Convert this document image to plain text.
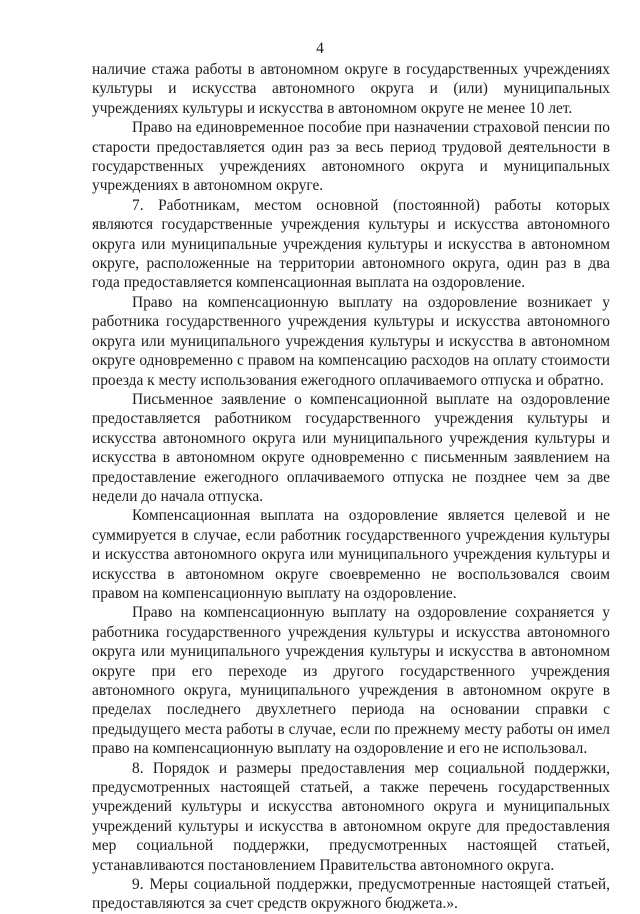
4

наличие стажа работы в автономном округе в государственных учреждениях культуры и искусства автономного округа и (или) муниципальных учреждениях культуры и искусства в автономном округе не менее 10 лет.

Право на единовременное пособие при назначении страховой пенсии по старости предоставляется один раз за весь период трудовой деятельности в государственных учреждениях автономного округа и муниципальных учреждениях в автономном округе.

7. Работникам, местом основной (постоянной) работы которых являются государственные учреждения культуры и искусства автономного округа или муниципальные учреждения культуры и искусства в автономном округе, расположенные на территории автономного округа, один раз в два года предоставляется компенсационная выплата на оздоровление.

Право на компенсационную выплату на оздоровление возникает у работника государственного учреждения культуры и искусства автономного округа или муниципального учреждения культуры и искусства в автономном округе одновременно с правом на компенсацию расходов на оплату стоимости проезда к месту использования ежегодного оплачиваемого отпуска и обратно.

Письменное заявление о компенсационной выплате на оздоровление предоставляется работником государственного учреждения культуры и искусства автономного округа или муниципального учреждения культуры и искусства в автономном округе одновременно с письменным заявлением на предоставление ежегодного оплачиваемого отпуска не позднее чем за две недели до начала отпуска.

Компенсационная выплата на оздоровление является целевой и не суммируется в случае, если работник государственного учреждения культуры и искусства автономного округа или муниципального учреждения культуры и искусства в автономном округе своевременно не воспользовался своим правом на компенсационную выплату на оздоровление.

Право на компенсационную выплату на оздоровление сохраняется у работника государственного учреждения культуры и искусства автономного округа или муниципального учреждения культуры и искусства в автономном округе при его переходе из другого государственного учреждения автономного округа, муниципального учреждения в автономном округе в пределах последнего двухлетнего периода на основании справки с предыдущего места работы в случае, если по прежнему месту работы он имел право на компенсационную выплату на оздоровление и его не использовал.

8. Порядок и размеры предоставления мер социальной поддержки, предусмотренных настоящей статьей, а также перечень государственных учреждений культуры и искусства автономного округа и муниципальных учреждений культуры и искусства в автономном округе для предоставления мер социальной поддержки, предусмотренных настоящей статьей, устанавливаются постановлением Правительства автономного округа.

9. Меры социальной поддержки, предусмотренные настоящей статьей, предоставляются за счет средств окружного бюджета.».
